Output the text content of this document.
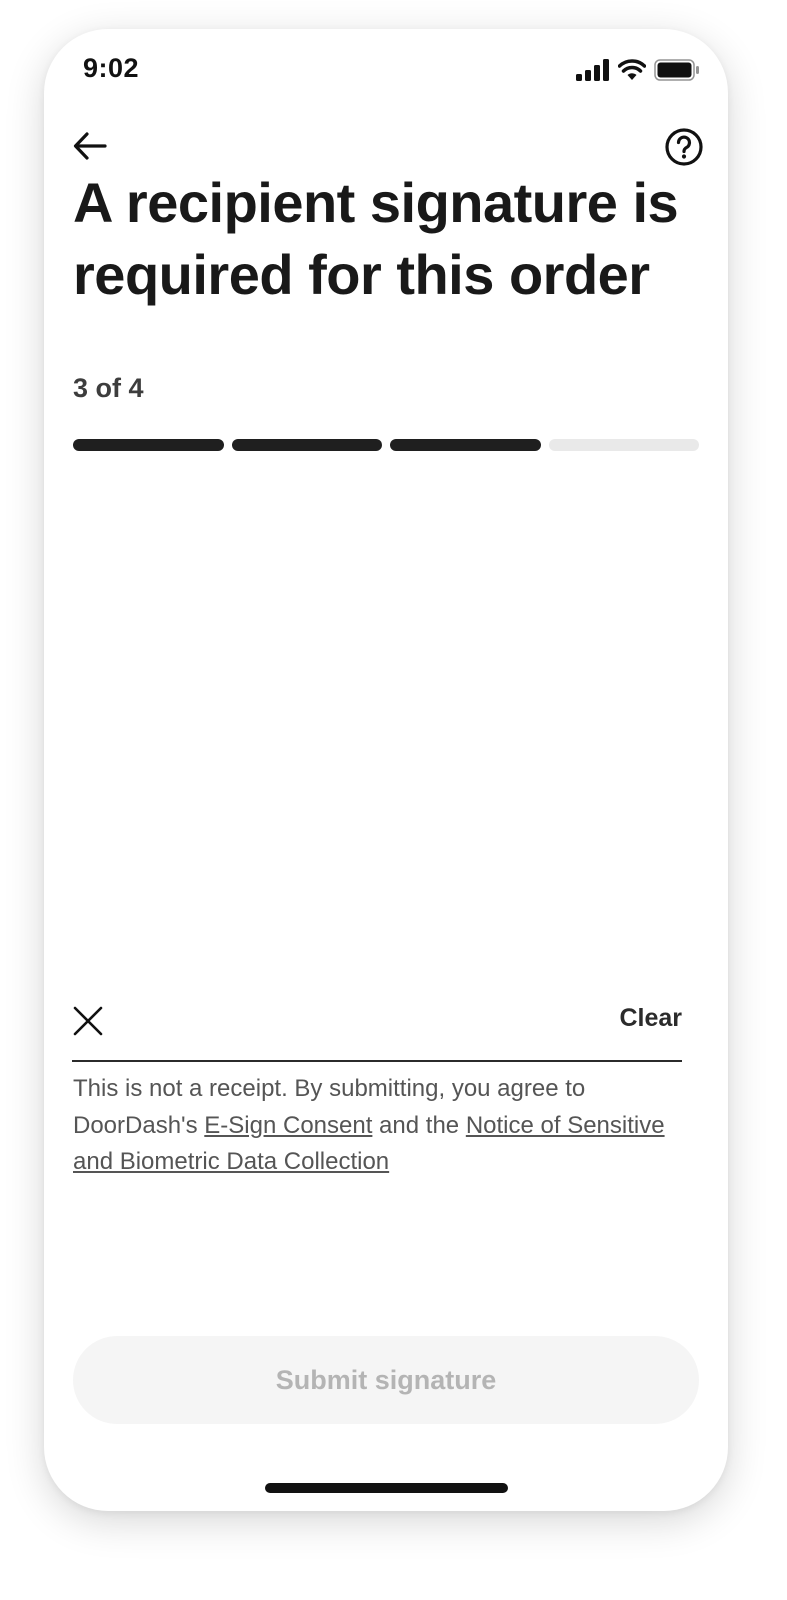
9:02
A recipient signature is required for this order
3 of 4
Clear

This is not a receipt. By submitting, you agree to DoorDash's E-Sign Consent and the Notice of Sensitive and Biometric Data Collection

Submit signature
